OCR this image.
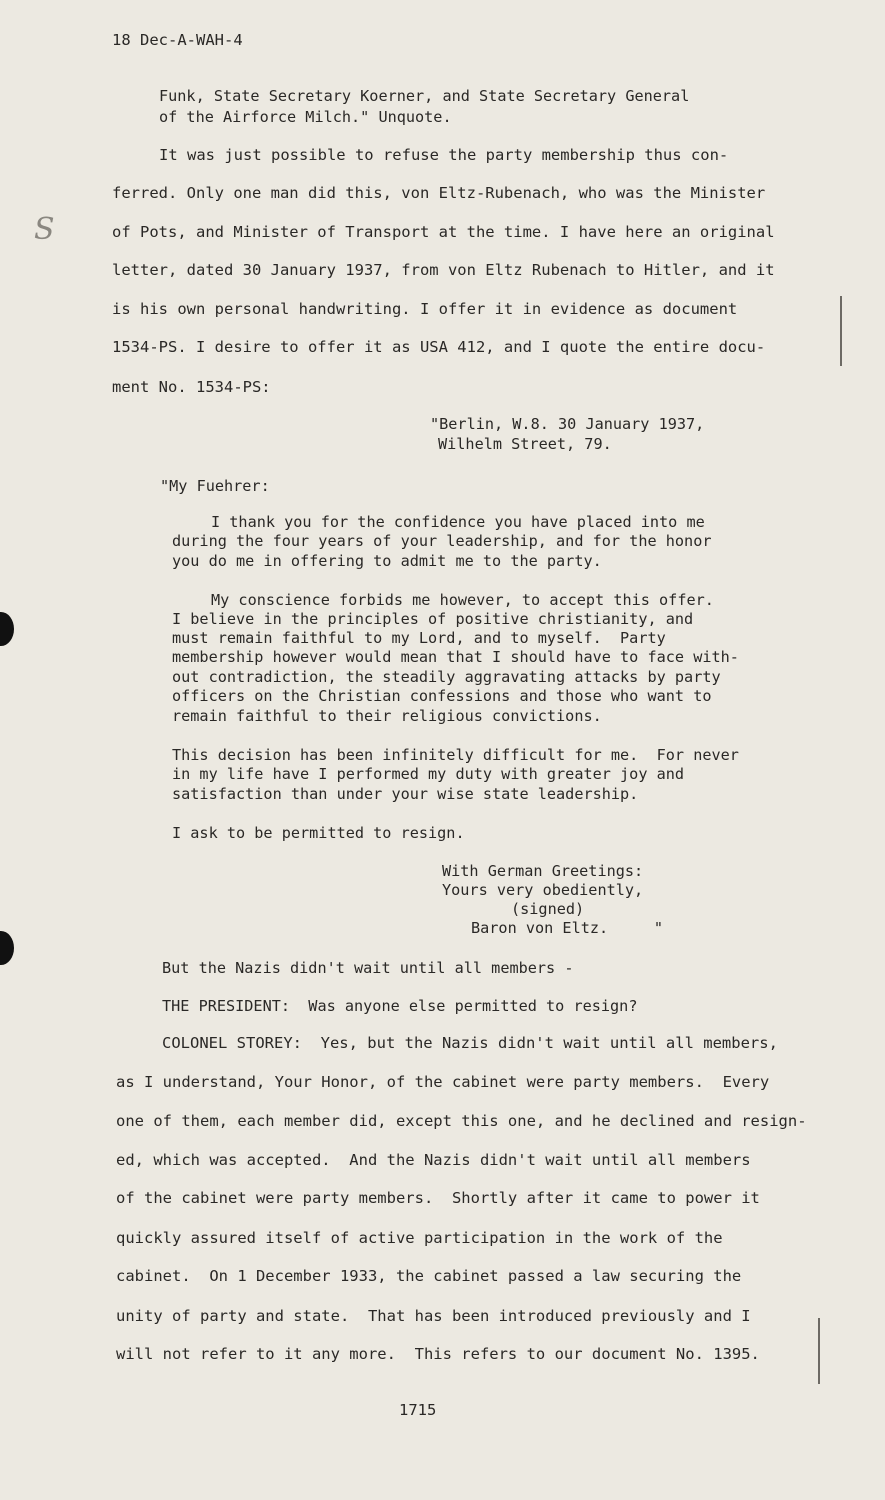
S
18 Dec-A-WAH-4
Funk, State Secretary Koerner, and State Secretary General
of the Airforce Milch." Unquote.
It was just possible to refuse the party membership thus con-
ferred. Only one man did this, von Eltz-Rubenach, who was the Minister
of Pots, and Minister of Transport at the time. I have here an original
letter, dated 30 January 1937, from von Eltz Rubenach to Hitler, and it
is his own personal handwriting. I offer it in evidence as document
1534-PS. I desire to offer it as USA 412, and I quote the entire docu-
ment No. 1534-PS:
"Berlin, W.8. 30 January 1937,
Wilhelm Street, 79.
"My Fuehrer:
I thank you for the confidence you have placed into me
during the four years of your leadership, and for the honor
you do me in offering to admit me to the party.
My conscience forbids me however, to accept this offer.
I believe in the principles of positive christianity, and
must remain faithful to my Lord, and to myself.  Party
membership however would mean that I should have to face with-
out contradiction, the steadily aggravating attacks by party
officers on the Christian confessions and those who want to
remain faithful to their religious convictions.
This decision has been infinitely difficult for me.  For never
in my life have I performed my duty with greater joy and
satisfaction than under your wise state leadership.
I ask to be permitted to resign.
With German Greetings:
Yours very obediently,
(signed)
Baron von Eltz.     "
But the Nazis didn't wait until all members -
THE PRESIDENT:  Was anyone else permitted to resign?
COLONEL STOREY:  Yes, but the Nazis didn't wait until all members,
as I understand, Your Honor, of the cabinet were party members.  Every
one of them, each member did, except this one, and he declined and resign-
ed, which was accepted.  And the Nazis didn't wait until all members
of the cabinet were party members.  Shortly after it came to power it
quickly assured itself of active participation in the work of the
cabinet.  On 1 December 1933, the cabinet passed a law securing the
unity of party and state.  That has been introduced previously and I
will not refer to it any more.  This refers to our document No. 1395.
1715
